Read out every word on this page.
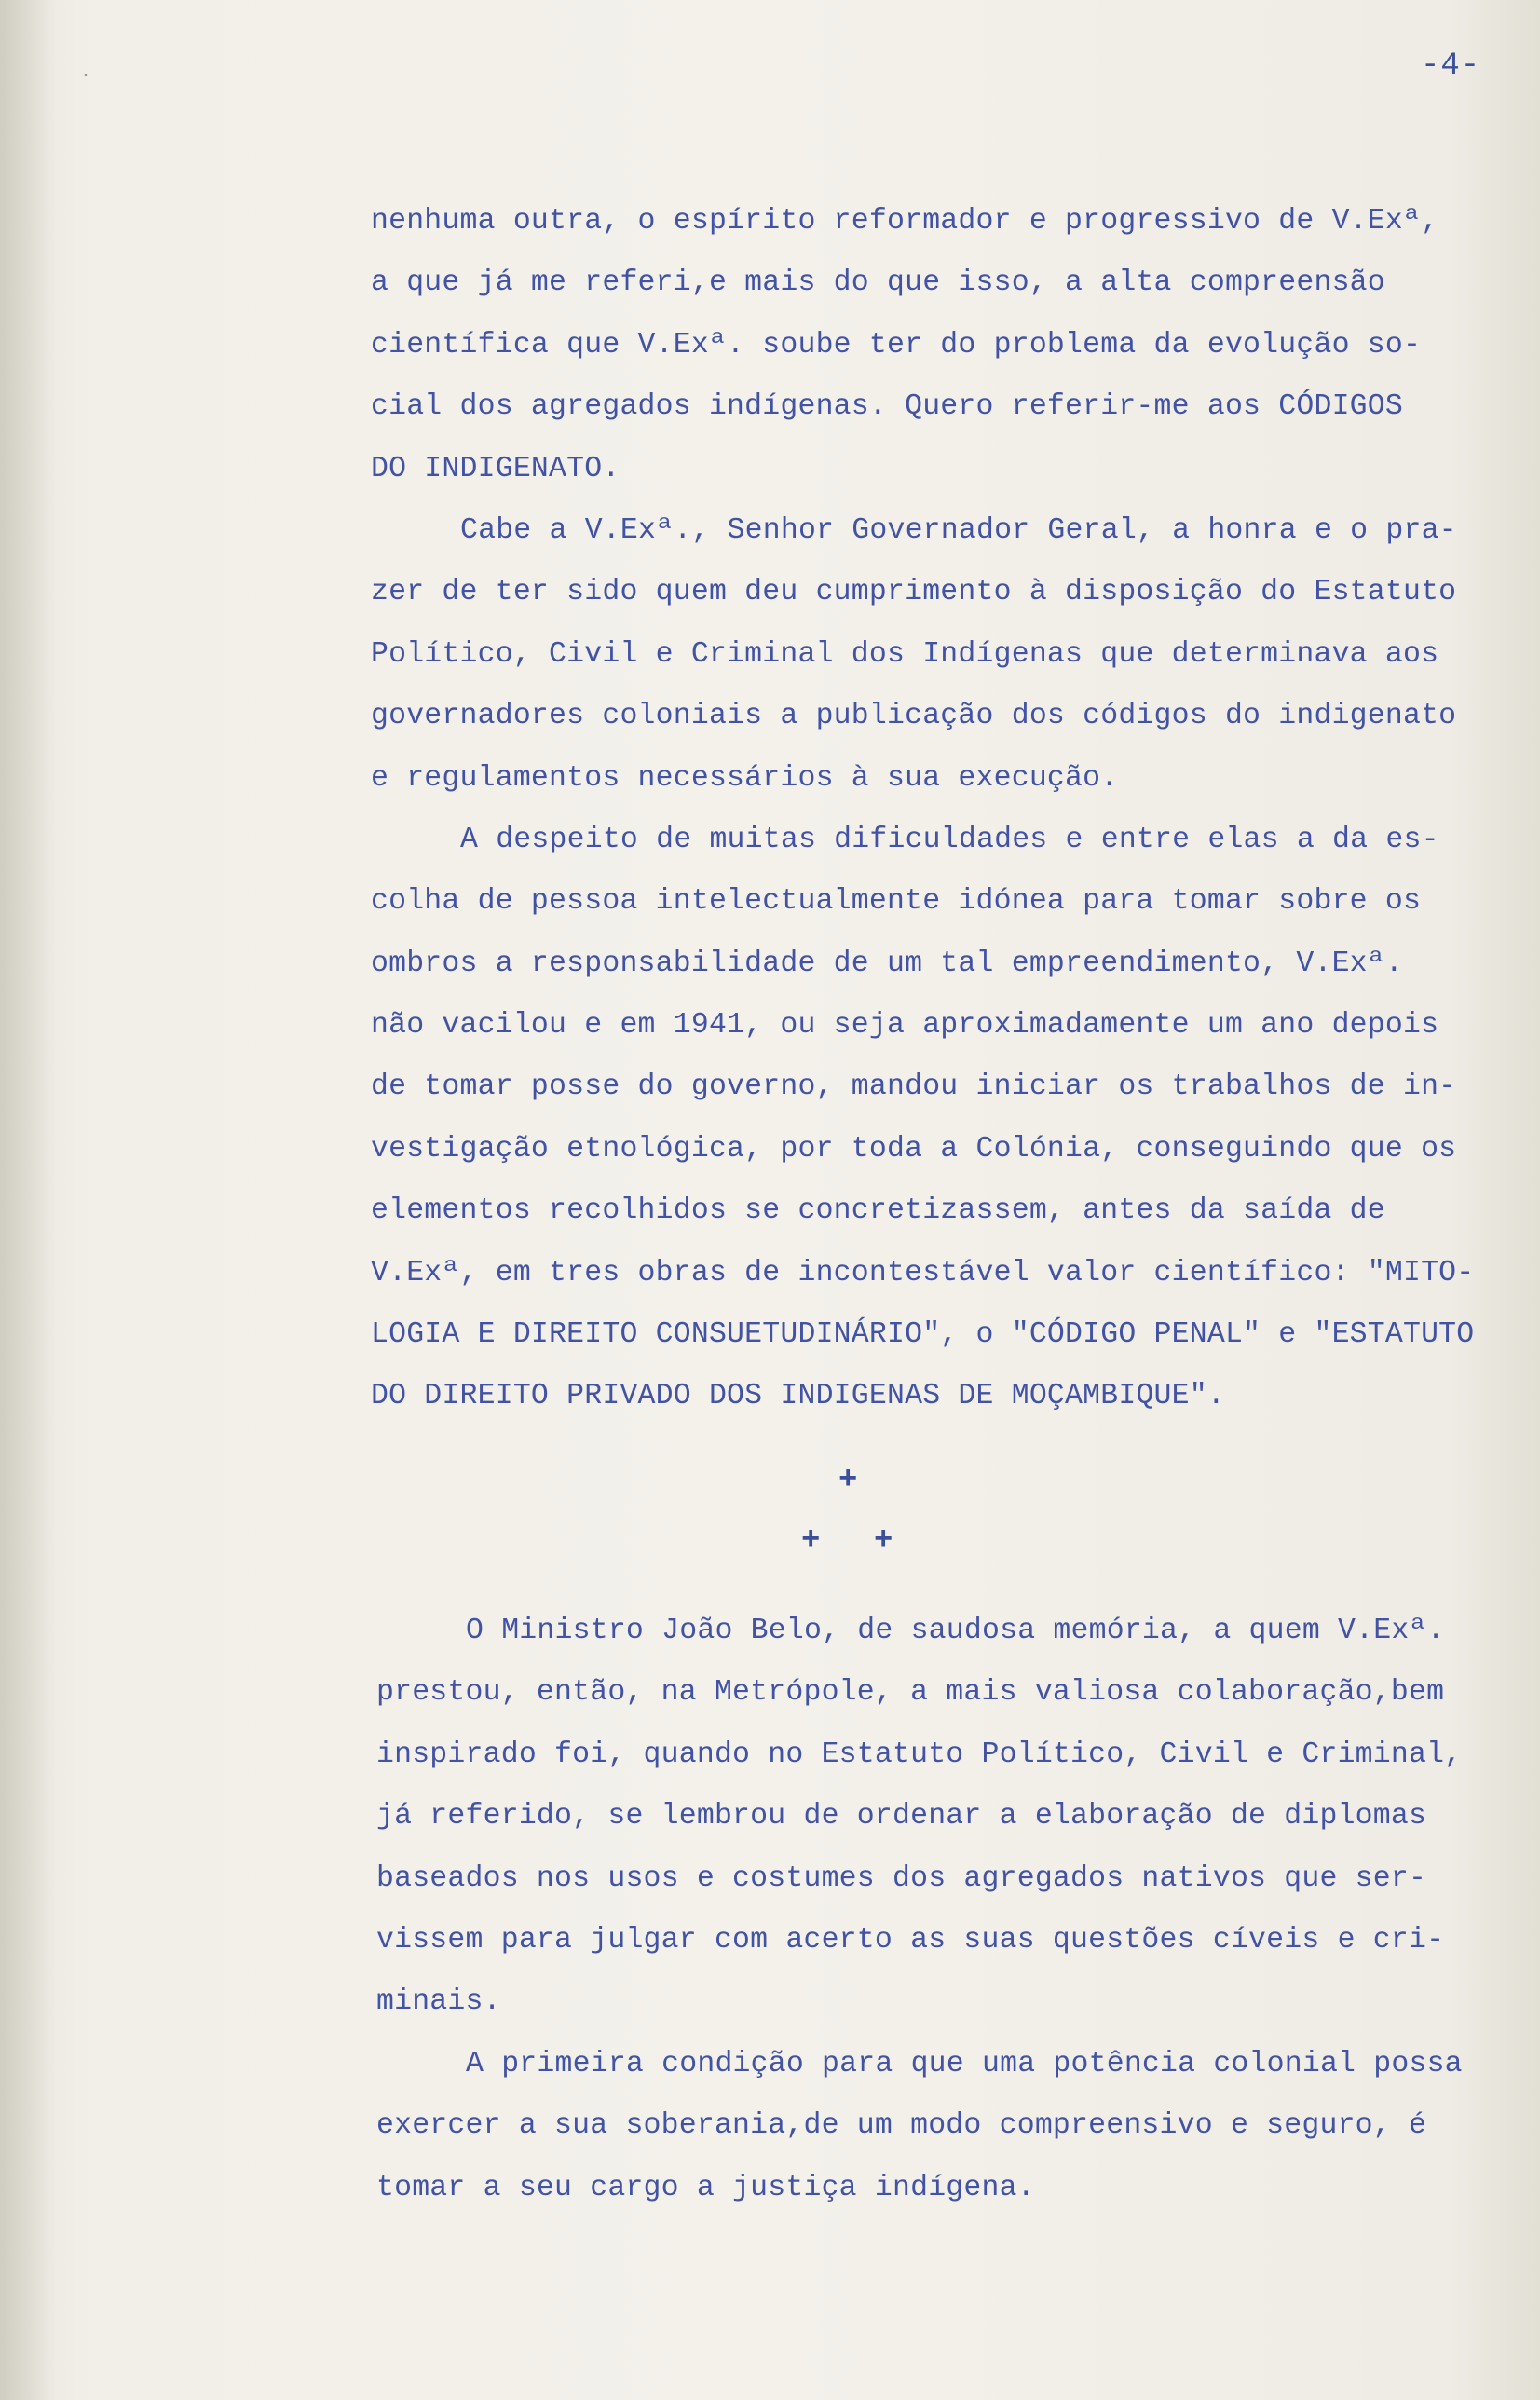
·	-4-
nenhuma outra, o espírito reformador e progressivo de V.Exª,
a que já me referi,e mais do que isso, a alta compreensão
científica que V.Exª. soube ter do problema da evolução so-
cial dos agregados indígenas. Quero referir-me aos CÓDIGOS
DO INDIGENATO.
Cabe a V.Exª., Senhor Governador Geral, a honra e o pra-
zer de ter sido quem deu cumprimento à disposição do Estatuto
Político, Civil e Criminal dos Indígenas que determinava aos
governadores coloniais a publicação dos códigos do indigenato
e regulamentos necessários à sua execução.
A despeito de muitas dificuldades e entre elas a da es-
colha de pessoa intelectualmente idónea para tomar sobre os
ombros a responsabilidade de um tal empreendimento, V.Exª.
não vacilou e em 1941, ou seja aproximadamente um ano depois
de tomar posse do governo, mandou iniciar os trabalhos de in-
vestigação etnológica, por toda a Colónia, conseguindo que os
elementos recolhidos se concretizassem, antes da saída de
V.Exª, em tres obras de incontestável valor científico: "MITO-
LOGIA E DIREITO CONSUETUDINÁRIO", o "CÓDIGO PENAL" e "ESTATUTO
DO DIREITO PRIVADO DOS INDIGENAS DE MOÇAMBIQUE".
+
+ +
O Ministro João Belo, de saudosa memória, a quem V.Exª.
prestou, então, na Metrópole, a mais valiosa colaboração,bem
inspirado foi, quando no Estatuto Político, Civil e Criminal,
já referido, se lembrou de ordenar a elaboração de diplomas
baseados nos usos e costumes dos agregados nativos que ser-
vissem para julgar com acerto as suas questões cíveis e cri-
minais.
A primeira condição para que uma potência colonial possa
exercer a sua soberania,de um modo compreensivo e seguro, é
tomar a seu cargo a justiça indígena.
